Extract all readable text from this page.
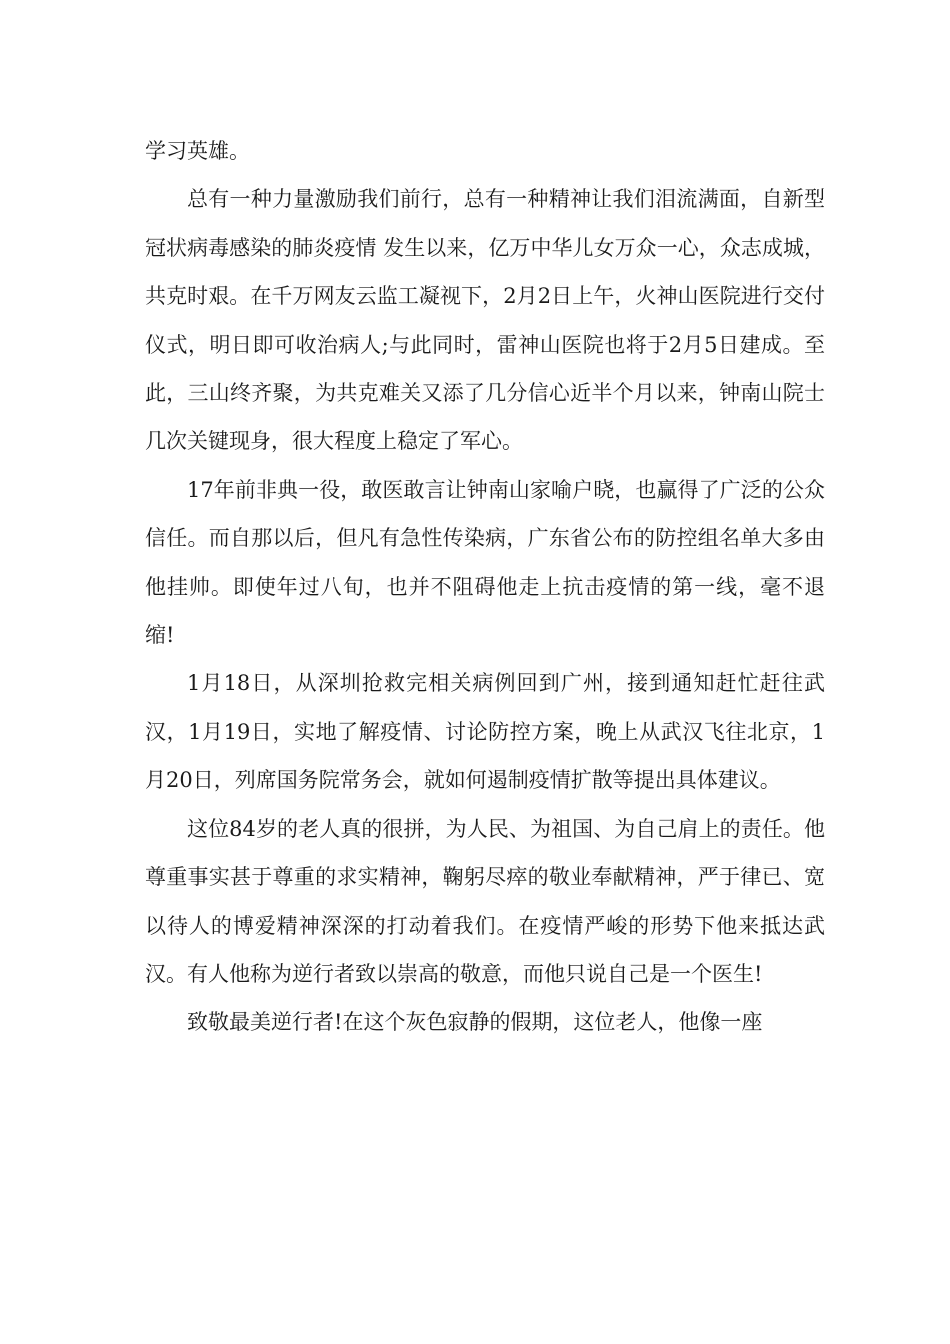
学习英雄。

总有一种力量激励我们前行，总有一种精神让我们泪流满面，自新型冠状病毒感染的肺炎疫情 发生以来，亿万中华儿女万众一心，众志成城，共克时艰。在千万网友云监工凝视下，2月2日上午，火神山医院进行交付仪式，明日即可收治病人;与此同时，雷神山医院也将于2月5日建成。至此，三山终齐聚，为共克难关又添了几分信心近半个月以来，钟南山院士几次关键现身，很大程度上稳定了军心。

17年前非典一役，敢医敢言让钟南山家喻户晓，也赢得了广泛的公众信任。而自那以后，但凡有急性传染病，广东省公布的防控组名单大多由他挂帅。即使年过八旬，也并不阻碍他走上抗击疫情的第一线，毫不退缩!

1月18日，从深圳抢救完相关病例回到广州，接到通知赶忙赶往武汉，1月19日，实地了解疫情、讨论防控方案，晚上从武汉飞往北京，1月20日，列席国务院常务会，就如何遏制疫情扩散等提出具体建议。

这位84岁的老人真的很拼，为人民、为祖国、为自己肩上的责任。他尊重事实甚于尊重的求实精神，鞠躬尽瘁的敬业奉献精神，严于律已、宽以待人的博爱精神深深的打动着我们。在疫情严峻的形势下他来抵达武汉。有人他称为逆行者致以崇高的敬意，而他只说自己是一个医生!

致敬最美逆行者!在这个灰色寂静的假期，这位老人，他像一座
